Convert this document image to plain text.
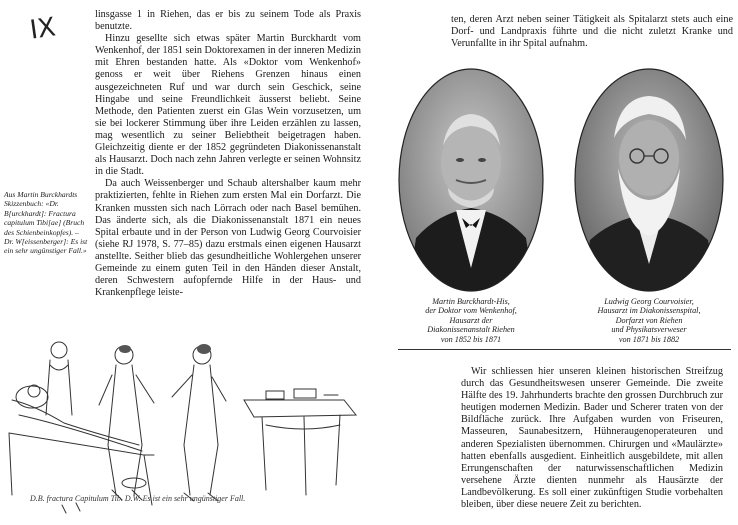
IX	linsgasse 1 in Riehen, das er bis zu seinem Tode als Praxis benutzte.

Hinzu gesellte sich etwas später Martin Burckhardt vom Wenkenhof, der 1851 sein Doktorexamen in der inneren Medizin mit Ehren bestanden hatte. Als «Doktor vom Wenkenhof» genoss er weit über Riehens Grenzen hinaus einen ausgezeichneten Ruf und war durch sein Geschick, seine Hingabe und seine Freundlichkeit äusserst beliebt. Seine Methode, den Patienten zuerst ein Glas Wein vorzusetzen, um sie bei lockerer Stimmung über ihre Leiden erzählen zu lassen, mag wesentlich zu seiner Beliebtheit beigetragen haben. Gleichzeitig diente er der 1852 gegründeten Diakonissenanstalt als Hausarzt. Doch nach zehn Jahren verlegte er seinen Wohnsitz in die Stadt.

Da auch Weissenberger und Schaub altershalber kaum mehr praktizierten, fehlte in Riehen zum ersten Mal ein Dorfarzt. Die Kranken mussten sich nach Lörrach oder nach Basel bemühen. Das änderte sich, als die Diakonissenanstalt 1871 ein neues Spital erbaute und in der Person von Ludwig Georg Courvoisier (siehe RJ 1978, S. 77–85) dazu erstmals einen eigenen Hausarzt anstellte. Seither blieb das gesundheitliche Wohlergehen unserer Gemeinde zu einem guten Teil in den Händen dieser Anstalt, deren Schwestern aufopfernde Hilfe in der Haus- und Krankenpflege leiste-

Aus Martin Burckhardts Skizzenbuch: «Dr. B[urckhardt]: Fractura capitulum Tibi[ae] (Bruch des Schienbeinkopfes). – Dr. W[eissenberger]: Es ist ein sehr ungünstiger Fall.»

D.B. fractura Capitulum Tib. D.W. Es ist ein sehr ungünstiger Fall.

ten, deren Arzt neben seiner Tätigkeit als Spitalarzt stets auch eine Dorf- und Landpraxis führte und die nicht zuletzt Kranke und Verunfallte in ihr Spital aufnahm.

Martin Burckhardt-His,
der Doktor vom Wenkenhof,
Hausarzt der
Diakonissenanstalt Riehen
von 1852 bis 1871
Ludwig Georg Courvoisier,
Hausarzt im Diakonissenspital,
Dorfarzt von Riehen
und Physikatsverweser
von 1871 bis 1882

Wir schliessen hier unseren kleinen historischen Streifzug durch das Gesundheitswesen unserer Gemeinde. Die zweite Hälfte des 19. Jahrhunderts brachte den grossen Durchbruch zur heutigen modernen Medizin. Bader und Scherer traten von der Bildfläche zurück. Ihre Aufgaben wurden von Friseuren, Masseuren, Saunabesitzern, Hühneraugenoperateuren und anderen Spezialisten übernommen. Chirurgen und «Maulärzte» hatten ebenfalls ausgedient. Einheitlich ausgebildete, mit allen Errungenschaften der naturwissenschaftlichen Medizin versehene Ärzte dienten nunmehr als Hausärzte der Landbevölkerung. Es soll einer zukünftigen Studie vorbehalten bleiben, über diese neuere Zeit zu berichten.
